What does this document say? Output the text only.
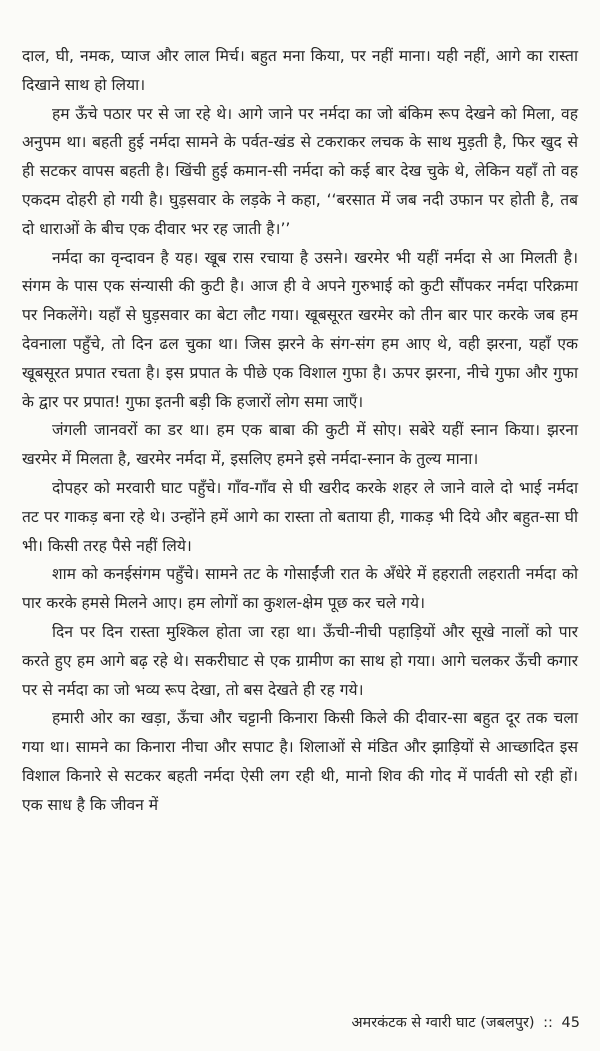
दाल, घी, नमक, प्याज और लाल मिर्च। बहुत मना किया, पर नहीं माना। यही नहीं, आगे का रास्ता दिखाने साथ हो लिया।

हम ऊँचे पठार पर से जा रहे थे। आगे जाने पर नर्मदा का जो बंकिम रूप देखने को मिला, वह अनुपम था। बहती हुई नर्मदा सामने के पर्वत-खंड से टकराकर लचक के साथ मुड़ती है, फिर खुद से ही सटकर वापस बहती है। खिंची हुई कमान-सी नर्मदा को कई बार देख चुके थे, लेकिन यहाँ तो वह एकदम दोहरी हो गयी है। घुड़सवार के लड़के ने कहा, ‘‘बरसात में जब नदी उफान पर होती है, तब दो धाराओं के बीच एक दीवार भर रह जाती है।’’

नर्मदा का वृन्दावन है यह। खूब रास रचाया है उसने। खरमेर भी यहीं नर्मदा से आ मिलती है। संगम के पास एक संन्यासी की कुटी है। आज ही वे अपने गुरुभाई को कुटी सौंपकर नर्मदा परिक्रमा पर निकलेंगे। यहाँ से घुड़सवार का बेटा लौट गया। खूबसूरत खरमेर को तीन बार पार करके जब हम देवनाला पहुँचे, तो दिन ढल चुका था। जिस झरने के संग-संग हम आए थे, वही झरना, यहाँ एक खूबसूरत प्रपात रचता है। इस प्रपात के पीछे एक विशाल गुफा है। ऊपर झरना, नीचे गुफा और गुफा के द्वार पर प्रपात! गुफा इतनी बड़ी कि हजारों लोग समा जाएँ।

जंगली जानवरों का डर था। हम एक बाबा की कुटी में सोए। सबेरे यहीं स्नान किया। झरना खरमेर में मिलता है, खरमेर नर्मदा में, इसलिए हमने इसे नर्मदा-स्नान के तुल्य माना।

दोपहर को मरवारी घाट पहुँचे। गाँव-गाँव से घी खरीद करके शहर ले जाने वाले दो भाई नर्मदा तट पर गाकड़ बना रहे थे। उन्होंने हमें आगे का रास्ता तो बताया ही, गाकड़ भी दिये और बहुत-सा घी भी। किसी तरह पैसे नहीं लिये।

शाम को कनईसंगम पहुँचे। सामने तट के गोसाईंजी रात के अँधेरे में हहराती लहराती नर्मदा को पार करके हमसे मिलने आए। हम लोगों का कुशल-क्षेम पूछ कर चले गये।

दिन पर दिन रास्ता मुश्किल होता जा रहा था। ऊँची-नीची पहाड़ियों और सूखे नालों को पार करते हुए हम आगे बढ़ रहे थे। सकरीघाट से एक ग्रामीण का साथ हो गया। आगे चलकर ऊँची कगार पर से नर्मदा का जो भव्य रूप देखा, तो बस देखते ही रह गये।

हमारी ओर का खड़ा, ऊँचा और चट्टानी किनारा किसी किले की दीवार-सा बहुत दूर तक चला गया था। सामने का किनारा नीचा और सपाट है। शिलाओं से मंडित और झाड़ियों से आच्छादित इस विशाल किनारे से सटकर बहती नर्मदा ऐसी लग रही थी, मानो शिव की गोद में पार्वती सो रही हों। एक साध है कि जीवन में

अमरकंटक से ग्वारी घाट (जबलपुर) :: 45
